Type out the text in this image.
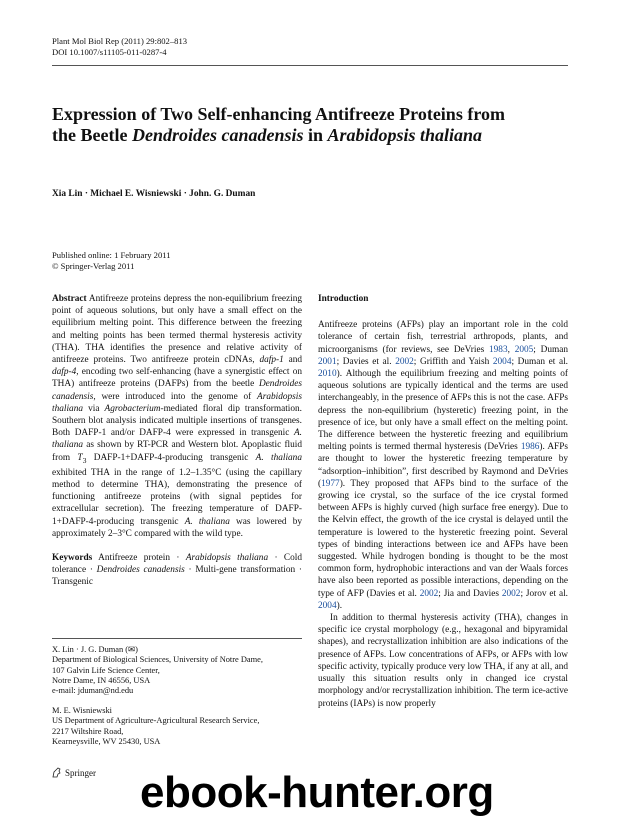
Plant Mol Biol Rep (2011) 29:802–813
DOI 10.1007/s11105-011-0287-4
Expression of Two Self-enhancing Antifreeze Proteins from the Beetle Dendroides canadensis in Arabidopsis thaliana
Xia Lin · Michael E. Wisniewski · John. G. Duman
Published online: 1 February 2011
© Springer-Verlag 2011

Abstract Antifreeze proteins depress the non-equilibrium freezing point of aqueous solutions, but only have a small effect on the equilibrium melting point. This difference between the freezing and melting points has been termed thermal hysteresis activity (THA). THA identifies the presence and relative activity of antifreeze proteins. Two antifreeze protein cDNAs, dafp-1 and dafp-4, encoding two self-enhancing (have a synergistic effect on THA) antifreeze proteins (DAFPs) from the beetle Dendroides canadensis, were introduced into the genome of Arabidopsis thaliana via Agrobacterium-mediated floral dip transformation. Southern blot analysis indicated multiple insertions of transgenes. Both DAFP-1 and/or DAFP-4 were expressed in transgenic A. thaliana as shown by RT-PCR and Western blot. Apoplastic fluid from $T_3$ DAFP-1+DAFP-4-producing transgenic A. thaliana exhibited THA in the range of 1.2–1.35°C (using the capillary method to determine THA), demonstrating the presence of functioning antifreeze proteins (with signal peptides for extracellular secretion). The freezing temperature of DAFP-1+DAFP-4-producing transgenic A. thaliana was lowered by approximately 2–3°C compared with the wild type.

Keywords Antifreeze protein · Arabidopsis thaliana · Cold tolerance · Dendroides canadensis · Multi-gene transformation · Transgenic

X. Lin · J. G. Duman (✉)
Department of Biological Sciences, University of Notre Dame,
107 Galvin Life Science Center,
Notre Dame, IN 46556, USA
e-mail: jduman@nd.edu
M. E. Wisniewski
US Department of Agriculture-Agricultural Research Service,
2217 Wiltshire Road,
Kearneysville, WV 25430, USA
Springer

Introduction

Antifreeze proteins (AFPs) play an important role in the cold tolerance of certain fish, terrestrial arthropods, plants, and microorganisms (for reviews, see DeVries 1983, 2005; Duman 2001; Davies et al. 2002; Griffith and Yaish 2004; Duman et al. 2010). Although the equilibrium freezing and melting points of aqueous solutions are typically identical and the terms are used interchangeably, in the presence of AFPs this is not the case. AFPs depress the non-equilibrium (hysteretic) freezing point, in the presence of ice, but only have a small effect on the melting point. The difference between the hysteretic freezing and equilibrium melting points is termed thermal hysteresis (DeVries 1986). AFPs are thought to lower the hysteretic freezing temperature by “adsorption–inhibition”, first described by Raymond and DeVries (1977). They proposed that AFPs bind to the surface of the growing ice crystal, so the surface of the ice crystal formed between AFPs is highly curved (high surface free energy). Due to the Kelvin effect, the growth of the ice crystal is delayed until the temperature is lowered to the hysteretic freezing point. Several types of binding interactions between ice and AFPs have been suggested. While hydrogen bonding is thought to be the most common form, hydrophobic interactions and van der Waals forces have also been reported as possible interactions, depending on the type of AFP (Davies et al. 2002; Jia and Davies 2002; Jorov et al. 2004).

In addition to thermal hysteresis activity (THA), changes in specific ice crystal morphology (e.g., hexagonal and bipyramidal shapes), and recrystallization inhibition are also indications of the presence of AFPs. Low concentrations of AFPs, or AFPs with low specific activity, typically produce very low THA, if any at all, and usually this situation results only in changed ice crystal morphology and/or recrystallization inhibition. The term ice-active proteins (IAPs) is now properly

ebook-hunter.org
